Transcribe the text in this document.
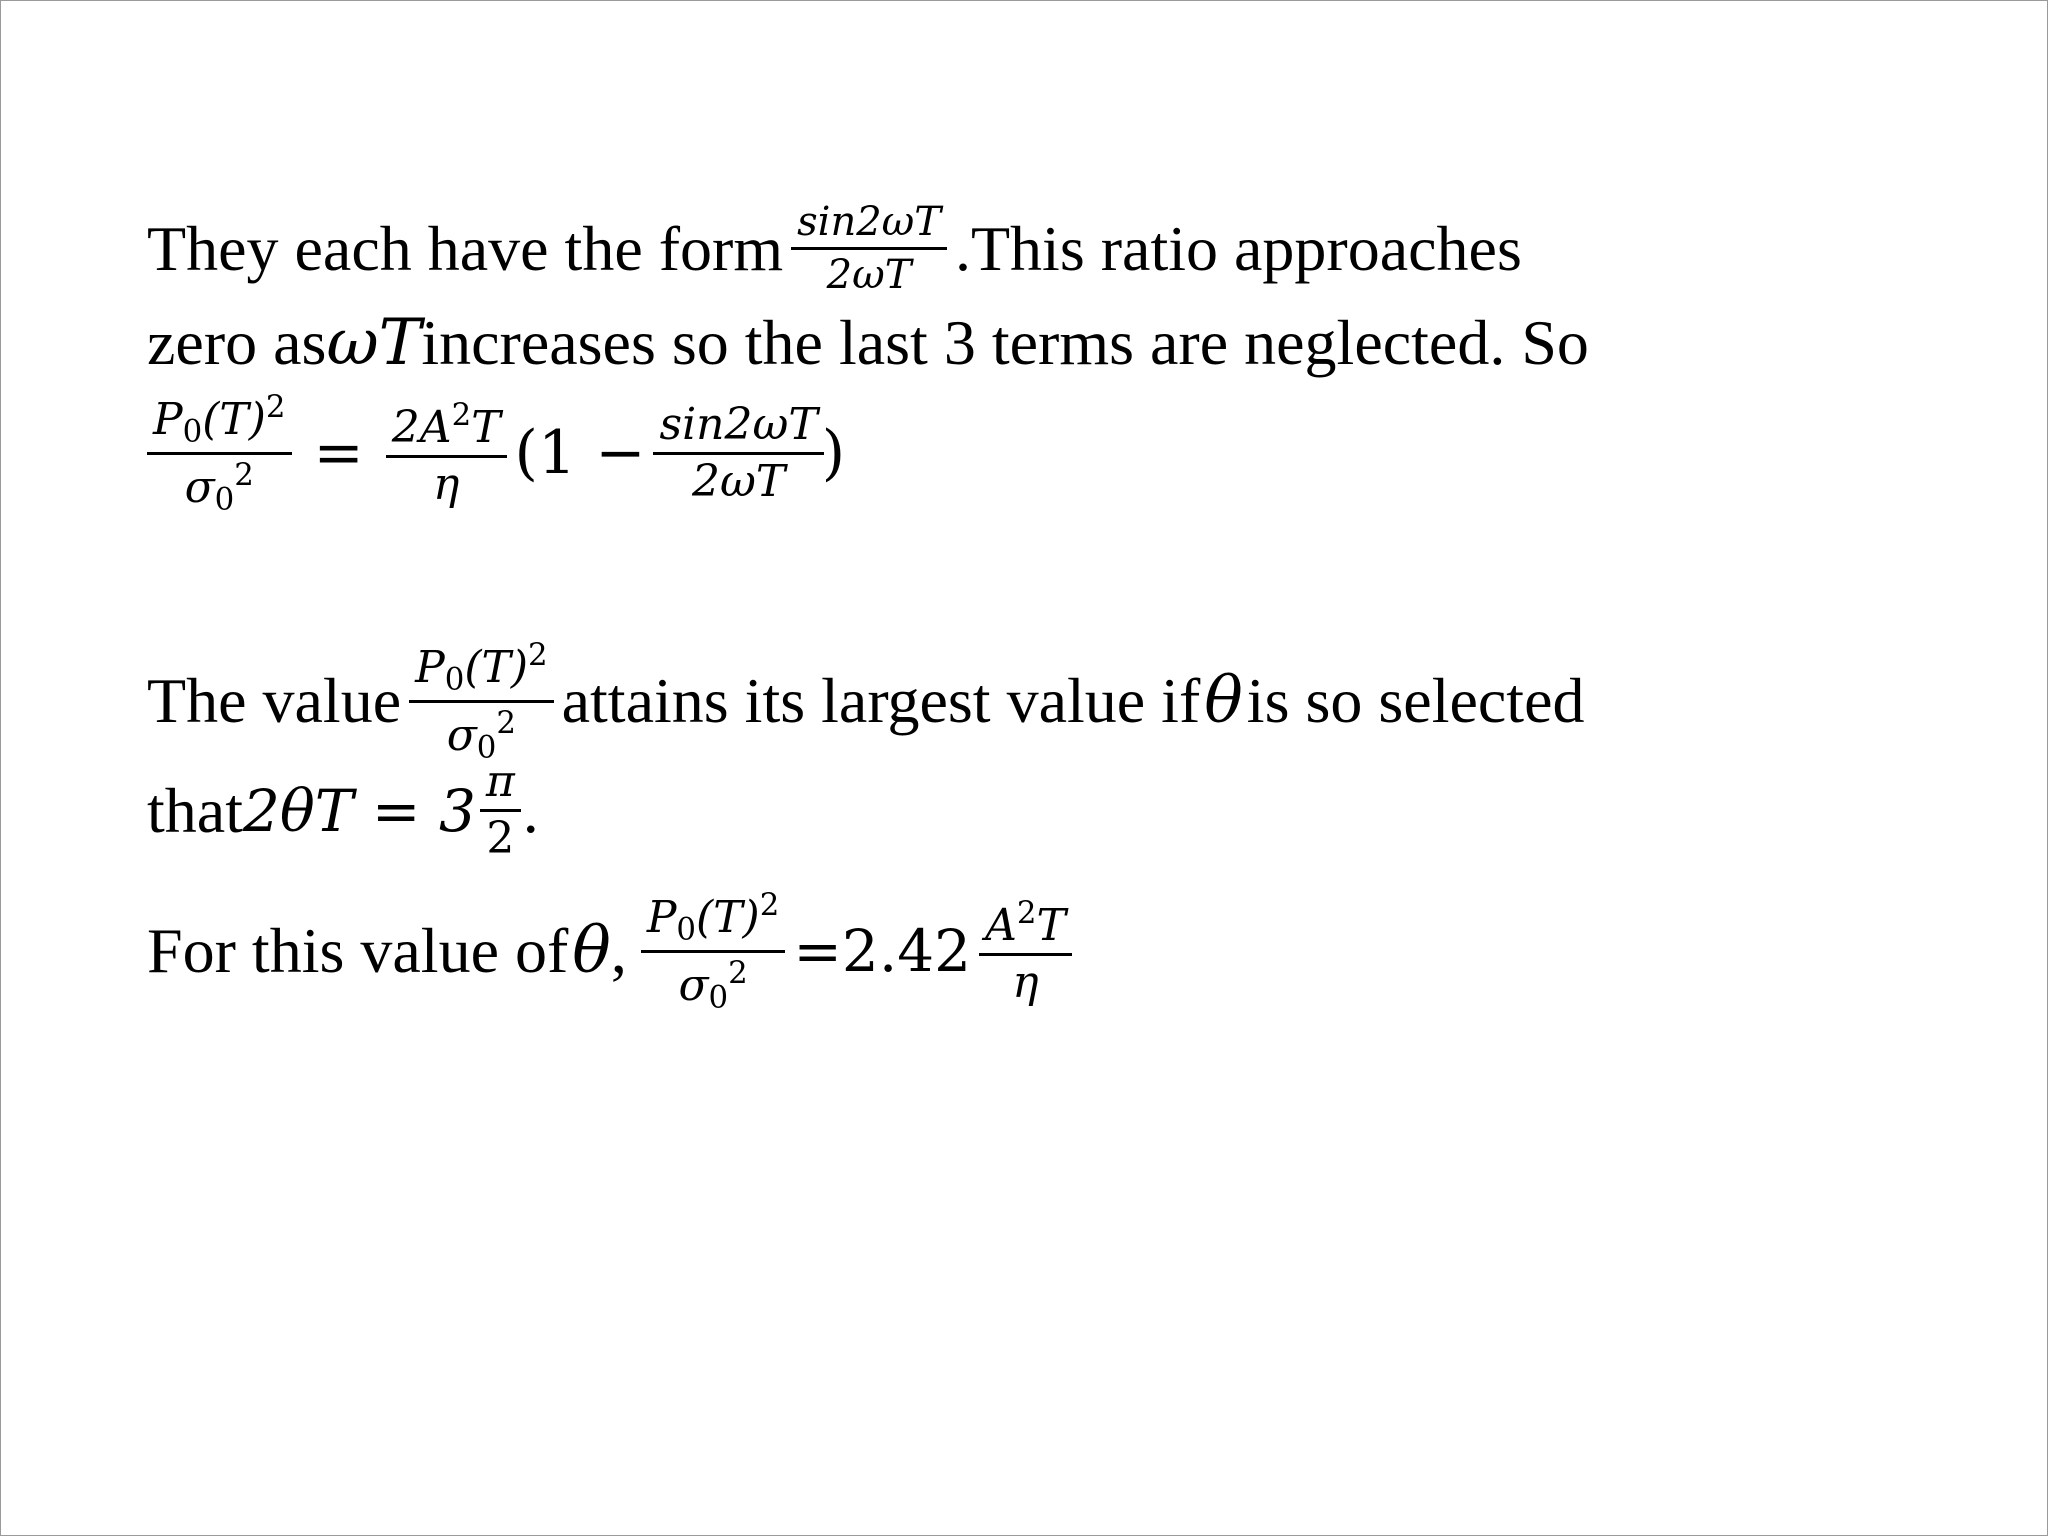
They each have the form $\frac{\sin 2\omega T}{2\omega T}$ .This ratio approaches
zero as ωT increases so the last 3 terms are neglected. So
$\frac{P_0(T)^2}{\sigma_0^2} = \frac{2A^2T}{\eta} (1 - \frac{\sin 2\omega T}{2\omega T}$
)
The value $\frac{P_0(T)^2}{\sigma_0^2}$ attains its largest value if θ is so selected
that $2\theta T = 3 \frac{\pi}{2}$ .
For this value of θ , $\frac{P_0(T)^2}{\sigma_0^2} =2.42 \frac{A^2T}{\eta}$
